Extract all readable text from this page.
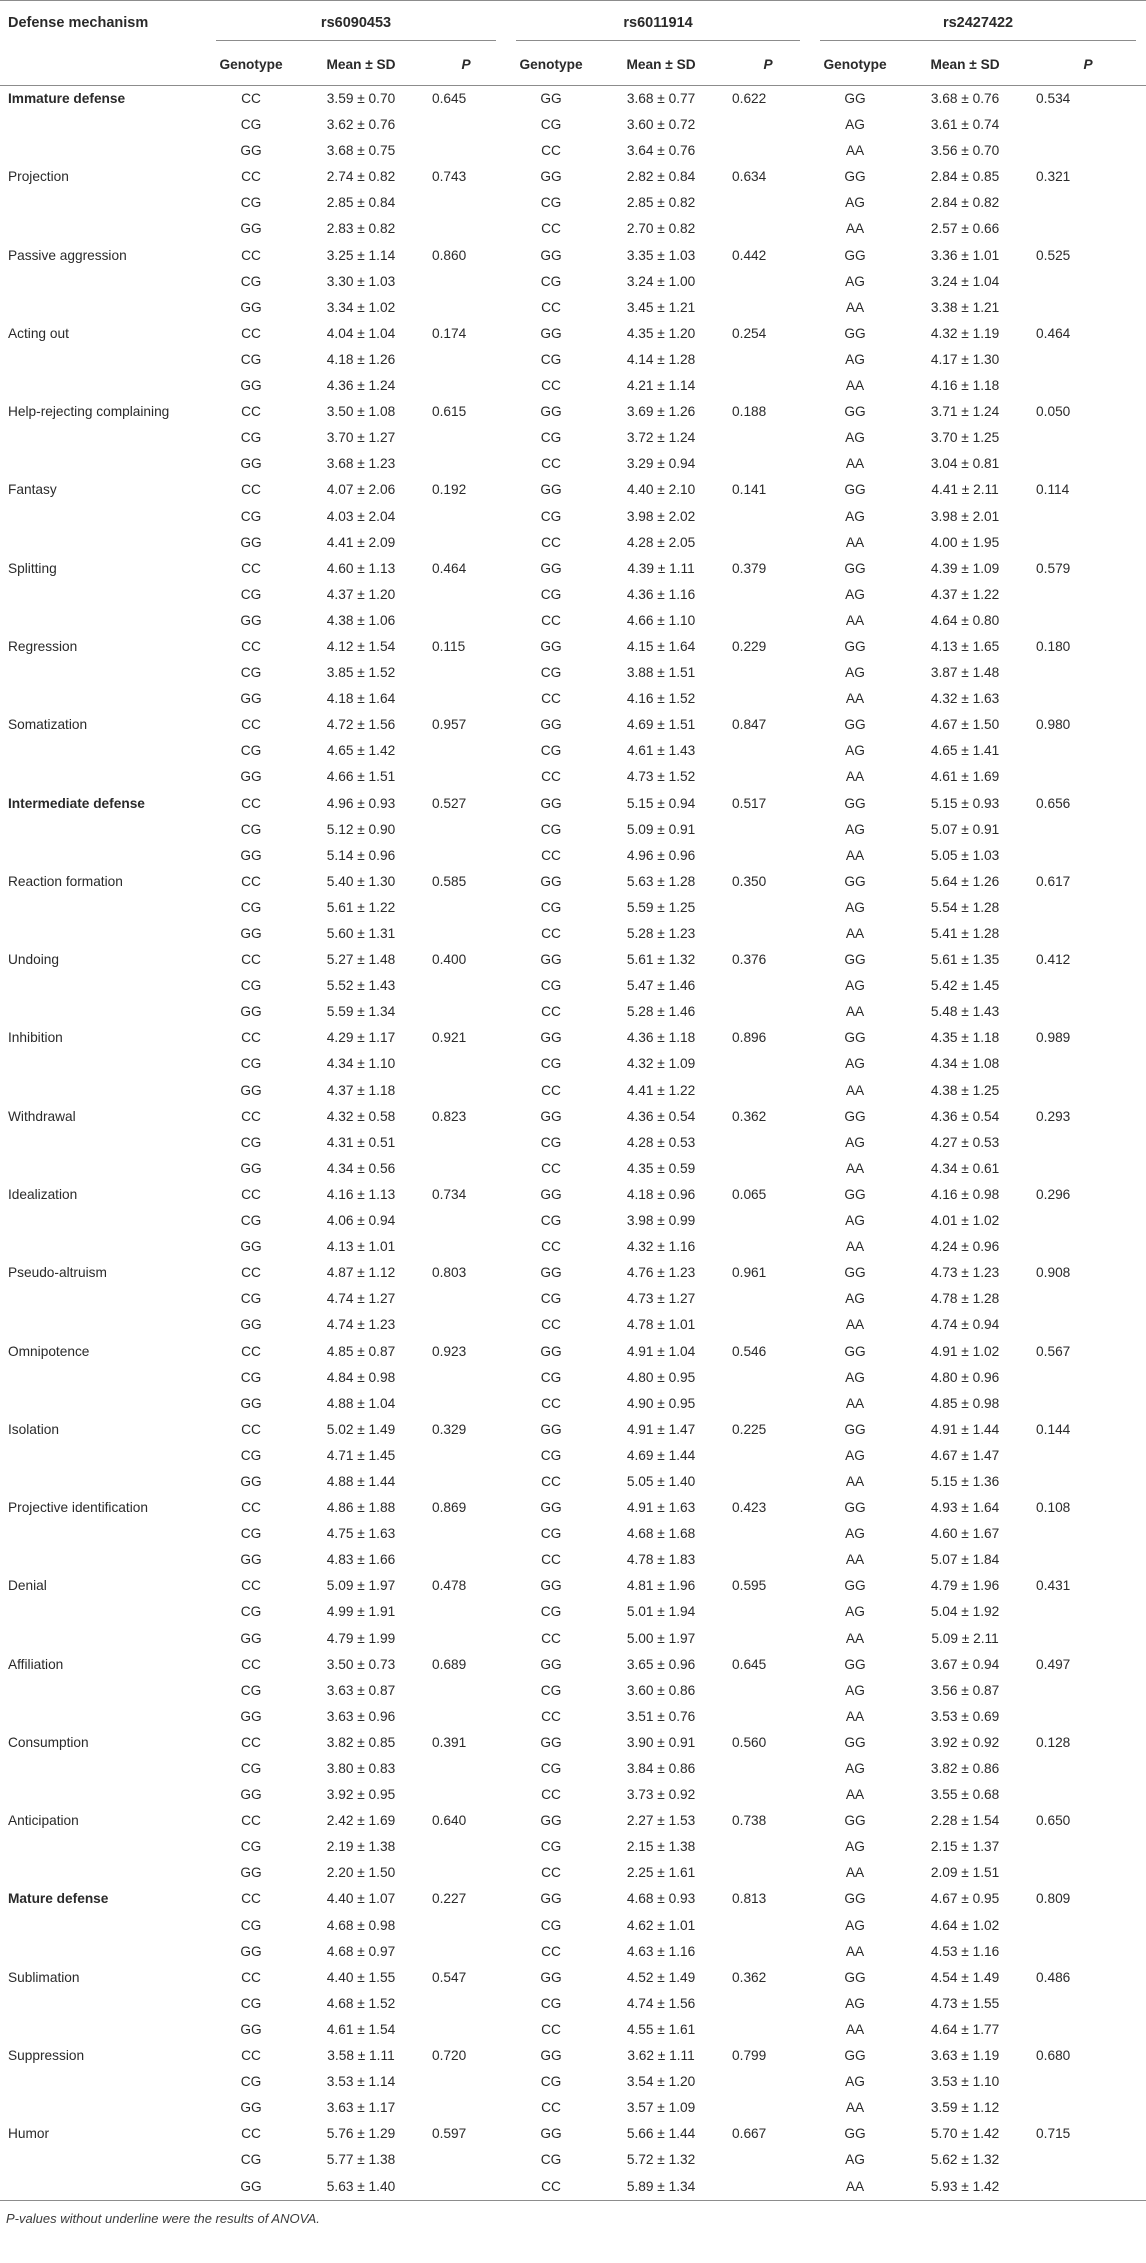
Defense mechanism	rs6090453			rs6011914			rs2427422		

	Genotype	Mean ± SD	P	Genotype	Mean ± SD	P	Genotype	Mean ± SD	P
Immature defense	CC	3.59 ± 0.70	0.645	GG	3.68 ± 0.77	0.622	GG	3.68 ± 0.76	0.534
	CG	3.62 ± 0.76		CG	3.60 ± 0.72		AG	3.61 ± 0.74	
	GG	3.68 ± 0.75		CC	3.64 ± 0.76		AA	3.56 ± 0.70	
Projection	CC	2.74 ± 0.82	0.743	GG	2.82 ± 0.84	0.634	GG	2.84 ± 0.85	0.321
	CG	2.85 ± 0.84		CG	2.85 ± 0.82		AG	2.84 ± 0.82	
	GG	2.83 ± 0.82		CC	2.70 ± 0.82		AA	2.57 ± 0.66	
Passive aggression	CC	3.25 ± 1.14	0.860	GG	3.35 ± 1.03	0.442	GG	3.36 ± 1.01	0.525
	CG	3.30 ± 1.03		CG	3.24 ± 1.00		AG	3.24 ± 1.04	
	GG	3.34 ± 1.02		CC	3.45 ± 1.21		AA	3.38 ± 1.21	
Acting out	CC	4.04 ± 1.04	0.174	GG	4.35 ± 1.20	0.254	GG	4.32 ± 1.19	0.464
	CG	4.18 ± 1.26		CG	4.14 ± 1.28		AG	4.17 ± 1.30	
	GG	4.36 ± 1.24		CC	4.21 ± 1.14		AA	4.16 ± 1.18	
Help-rejecting complaining	CC	3.50 ± 1.08	0.615	GG	3.69 ± 1.26	0.188	GG	3.71 ± 1.24	0.050
	CG	3.70 ± 1.27		CG	3.72 ± 1.24		AG	3.70 ± 1.25	
	GG	3.68 ± 1.23		CC	3.29 ± 0.94		AA	3.04 ± 0.81	
Fantasy	CC	4.07 ± 2.06	0.192	GG	4.40 ± 2.10	0.141	GG	4.41 ± 2.11	0.114
	CG	4.03 ± 2.04		CG	3.98 ± 2.02		AG	3.98 ± 2.01	
	GG	4.41 ± 2.09		CC	4.28 ± 2.05		AA	4.00 ± 1.95	
Splitting	CC	4.60 ± 1.13	0.464	GG	4.39 ± 1.11	0.379	GG	4.39 ± 1.09	0.579
	CG	4.37 ± 1.20		CG	4.36 ± 1.16		AG	4.37 ± 1.22	
	GG	4.38 ± 1.06		CC	4.66 ± 1.10		AA	4.64 ± 0.80	
Regression	CC	4.12 ± 1.54	0.115	GG	4.15 ± 1.64	0.229	GG	4.13 ± 1.65	0.180
	CG	3.85 ± 1.52		CG	3.88 ± 1.51		AG	3.87 ± 1.48	
	GG	4.18 ± 1.64		CC	4.16 ± 1.52		AA	4.32 ± 1.63	
Somatization	CC	4.72 ± 1.56	0.957	GG	4.69 ± 1.51	0.847	GG	4.67 ± 1.50	0.980
	CG	4.65 ± 1.42		CG	4.61 ± 1.43		AG	4.65 ± 1.41	
	GG	4.66 ± 1.51		CC	4.73 ± 1.52		AA	4.61 ± 1.69	
Intermediate defense	CC	4.96 ± 0.93	0.527	GG	5.15 ± 0.94	0.517	GG	5.15 ± 0.93	0.656
	CG	5.12 ± 0.90		CG	5.09 ± 0.91		AG	5.07 ± 0.91	
	GG	5.14 ± 0.96		CC	4.96 ± 0.96		AA	5.05 ± 1.03	
Reaction formation	CC	5.40 ± 1.30	0.585	GG	5.63 ± 1.28	0.350	GG	5.64 ± 1.26	0.617
	CG	5.61 ± 1.22		CG	5.59 ± 1.25		AG	5.54 ± 1.28	
	GG	5.60 ± 1.31		CC	5.28 ± 1.23		AA	5.41 ± 1.28	
Undoing	CC	5.27 ± 1.48	0.400	GG	5.61 ± 1.32	0.376	GG	5.61 ± 1.35	0.412
	CG	5.52 ± 1.43		CG	5.47 ± 1.46		AG	5.42 ± 1.45	
	GG	5.59 ± 1.34		CC	5.28 ± 1.46		AA	5.48 ± 1.43	
Inhibition	CC	4.29 ± 1.17	0.921	GG	4.36 ± 1.18	0.896	GG	4.35 ± 1.18	0.989
	CG	4.34 ± 1.10		CG	4.32 ± 1.09		AG	4.34 ± 1.08	
	GG	4.37 ± 1.18		CC	4.41 ± 1.22		AA	4.38 ± 1.25	
Withdrawal	CC	4.32 ± 0.58	0.823	GG	4.36 ± 0.54	0.362	GG	4.36 ± 0.54	0.293
	CG	4.31 ± 0.51		CG	4.28 ± 0.53		AG	4.27 ± 0.53	
	GG	4.34 ± 0.56		CC	4.35 ± 0.59		AA	4.34 ± 0.61	
Idealization	CC	4.16 ± 1.13	0.734	GG	4.18 ± 0.96	0.065	GG	4.16 ± 0.98	0.296
	CG	4.06 ± 0.94		CG	3.98 ± 0.99		AG	4.01 ± 1.02	
	GG	4.13 ± 1.01		CC	4.32 ± 1.16		AA	4.24 ± 0.96	
Pseudo-altruism	CC	4.87 ± 1.12	0.803	GG	4.76 ± 1.23	0.961	GG	4.73 ± 1.23	0.908
	CG	4.74 ± 1.27		CG	4.73 ± 1.27		AG	4.78 ± 1.28	
	GG	4.74 ± 1.23		CC	4.78 ± 1.01		AA	4.74 ± 0.94	
Omnipotence	CC	4.85 ± 0.87	0.923	GG	4.91 ± 1.04	0.546	GG	4.91 ± 1.02	0.567
	CG	4.84 ± 0.98		CG	4.80 ± 0.95		AG	4.80 ± 0.96	
	GG	4.88 ± 1.04		CC	4.90 ± 0.95		AA	4.85 ± 0.98	
Isolation	CC	5.02 ± 1.49	0.329	GG	4.91 ± 1.47	0.225	GG	4.91 ± 1.44	0.144
	CG	4.71 ± 1.45		CG	4.69 ± 1.44		AG	4.67 ± 1.47	
	GG	4.88 ± 1.44		CC	5.05 ± 1.40		AA	5.15 ± 1.36	
Projective identification	CC	4.86 ± 1.88	0.869	GG	4.91 ± 1.63	0.423	GG	4.93 ± 1.64	0.108
	CG	4.75 ± 1.63		CG	4.68 ± 1.68		AG	4.60 ± 1.67	
	GG	4.83 ± 1.66		CC	4.78 ± 1.83		AA	5.07 ± 1.84	
Denial	CC	5.09 ± 1.97	0.478	GG	4.81 ± 1.96	0.595	GG	4.79 ± 1.96	0.431
	CG	4.99 ± 1.91		CG	5.01 ± 1.94		AG	5.04 ± 1.92	
	GG	4.79 ± 1.99		CC	5.00 ± 1.97		AA	5.09 ± 2.11	
Affiliation	CC	3.50 ± 0.73	0.689	GG	3.65 ± 0.96	0.645	GG	3.67 ± 0.94	0.497
	CG	3.63 ± 0.87		CG	3.60 ± 0.86		AG	3.56 ± 0.87	
	GG	3.63 ± 0.96		CC	3.51 ± 0.76		AA	3.53 ± 0.69	
Consumption	CC	3.82 ± 0.85	0.391	GG	3.90 ± 0.91	0.560	GG	3.92 ± 0.92	0.128
	CG	3.80 ± 0.83		CG	3.84 ± 0.86		AG	3.82 ± 0.86	
	GG	3.92 ± 0.95		CC	3.73 ± 0.92		AA	3.55 ± 0.68	
Anticipation	CC	2.42 ± 1.69	0.640	GG	2.27 ± 1.53	0.738	GG	2.28 ± 1.54	0.650
	CG	2.19 ± 1.38		CG	2.15 ± 1.38		AG	2.15 ± 1.37	
	GG	2.20 ± 1.50		CC	2.25 ± 1.61		AA	2.09 ± 1.51	
Mature defense	CC	4.40 ± 1.07	0.227	GG	4.68 ± 0.93	0.813	GG	4.67 ± 0.95	0.809
	CG	4.68 ± 0.98		CG	4.62 ± 1.01		AG	4.64 ± 1.02	
	GG	4.68 ± 0.97		CC	4.63 ± 1.16		AA	4.53 ± 1.16	
Sublimation	CC	4.40 ± 1.55	0.547	GG	4.52 ± 1.49	0.362	GG	4.54 ± 1.49	0.486
	CG	4.68 ± 1.52		CG	4.74 ± 1.56		AG	4.73 ± 1.55	
	GG	4.61 ± 1.54		CC	4.55 ± 1.61		AA	4.64 ± 1.77	
Suppression	CC	3.58 ± 1.11	0.720	GG	3.62 ± 1.11	0.799	GG	3.63 ± 1.19	0.680
	CG	3.53 ± 1.14		CG	3.54 ± 1.20		AG	3.53 ± 1.10	
	GG	3.63 ± 1.17		CC	3.57 ± 1.09		AA	3.59 ± 1.12	
Humor	CC	5.76 ± 1.29	0.597	GG	5.66 ± 1.44	0.667	GG	5.70 ± 1.42	0.715
	CG	5.77 ± 1.38		CG	5.72 ± 1.32		AG	5.62 ± 1.32	
	GG	5.63 ± 1.40		CC	5.89 ± 1.34		AA	5.93 ± 1.42	
P-values without underline were the results of ANOVA.
